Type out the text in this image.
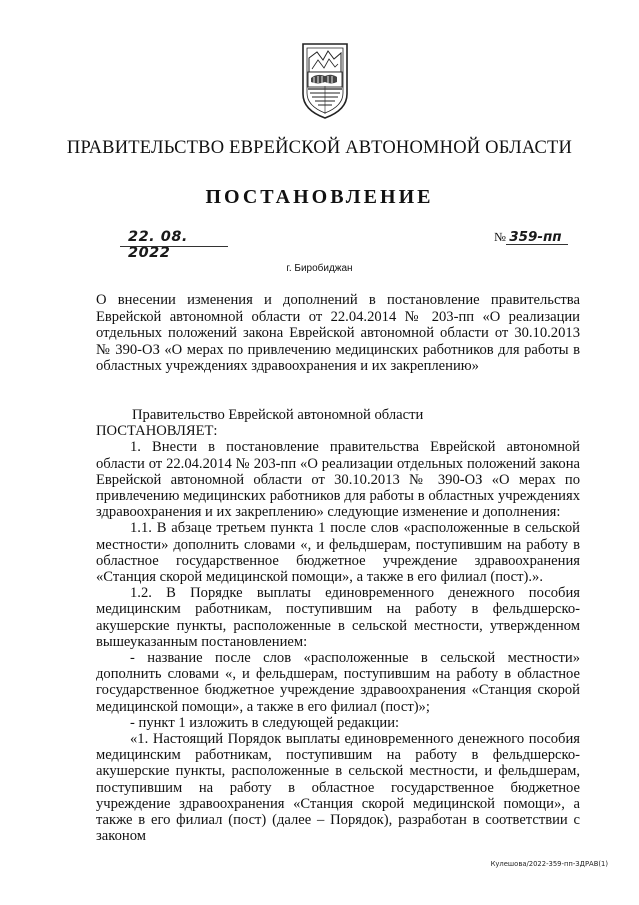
ПРАВИТЕЛЬСТВО ЕВРЕЙСКОЙ АВТОНОМНОЙ ОБЛАСТИ
ПОСТАНОВЛЕНИЕ
22. 08. 2022
№ 359-пп
г. Биробиджан
О внесении изменения и дополнений в постановление правительства Еврейской автономной области от 22.04.2014 № 203-пп «О реализации отдельных положений закона Еврейской автономной области от 30.10.2013 № 390-ОЗ «О мерах по привлечению медицинских работников для работы в областных учреждениях здравоохранения и их закреплению»

Правительство Еврейской автономной области

ПОСТАНОВЛЯЕТ:

1. Внести в постановление правительства Еврейской автономной области от 22.04.2014 № 203-пп «О реализации отдельных положений закона Еврейской автономной области от 30.10.2013 № 390-ОЗ «О мерах по привлечению медицинских работников для работы в областных учреждениях здравоохранения и их закреплению» следующие изменение и дополнения:

1.1. В абзаце третьем пункта 1 после слов «расположенные в сельской местности» дополнить словами «, и фельдшерам, поступившим на работу в областное государственное бюджетное учреждение здравоохранения «Станция скорой медицинской помощи», а также в его филиал (пост).».

1.2. В Порядке выплаты единовременного денежного пособия медицинским работникам, поступившим на работу в фельдшерско-акушерские пункты, расположенные в сельской местности, утвержденном вышеуказанным постановлением:

- название после слов «расположенные в сельской местности» дополнить словами «, и фельдшерам, поступившим на работу в областное государственное бюджетное учреждение здравоохранения «Станция скорой медицинской помощи», а также в его филиал (пост)»;

- пункт 1 изложить в следующей редакции:

«1. Настоящий Порядок выплаты единовременного денежного пособия медицинским работникам, поступившим на работу в фельдшерско-акушерские пункты, расположенные в сельской местности, и фельдшерам, поступившим на работу в областное государственное бюджетное учреждение здравоохранения «Станция скорой медицинской помощи», а также в его филиал (пост) (далее – Порядок), разработан в соответствии с законом

Кулешова/2022-359-пп-ЗДРАВ(1)
